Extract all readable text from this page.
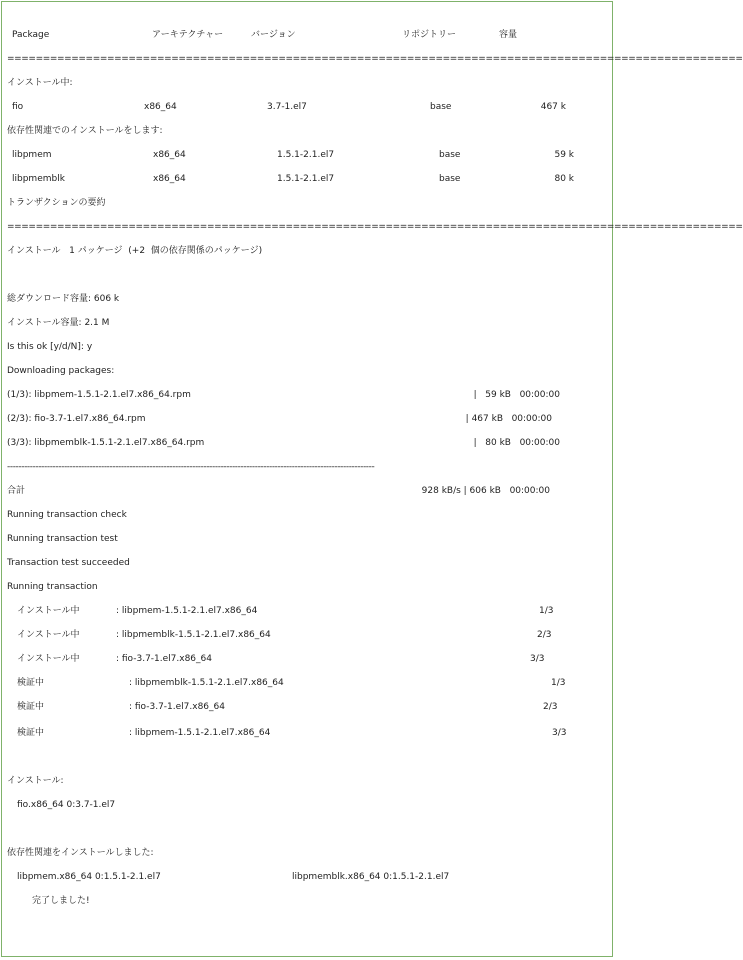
Package	アーキテクチャー	バージョン	リポジトリー	容量
=======================================================================================================
インストール中:
fio	x86_64	3.7-1.el7	base	467 k
依存性関連でのインストールをします:
libpmem	x86_64	1.5.1-2.1.el7	base	59 k
libpmemblk	x86_64	1.5.1-2.1.el7	base	80 k
トランザクションの要約
=======================================================================================================
インストール   1 パッケージ  (+2  個の依存関係のパッケージ)
総ダウンロード容量: 606 k
インストール容量: 2.1 M
Is this ok [y/d/N]: y
Downloading packages:
(1/3): libpmem-1.5.1-2.1.el7.x86_64.rpm	|   59 kB   00:00:00
(2/3): fio-3.7-1.el7.x86_64.rpm	| 467 kB   00:00:00
(3/3): libpmemblk-1.5.1-2.1.el7.x86_64.rpm	|   80 kB   00:00:00
---------------------------------------------------------------------------------------------------------------------------------
合計	928 kB/s | 606 kB   00:00:00
Running transaction check
Running transaction test
Transaction test succeeded
Running transaction
インストール中	: libpmem-1.5.1-2.1.el7.x86_64	1/3
インストール中	: libpmemblk-1.5.1-2.1.el7.x86_64	2/3
インストール中	: fio-3.7-1.el7.x86_64	3/3
検証中	: libpmemblk-1.5.1-2.1.el7.x86_64	1/3
検証中	: fio-3.7-1.el7.x86_64	2/3
検証中	: libpmem-1.5.1-2.1.el7.x86_64	3/3
インストール:
fio.x86_64 0:3.7-1.el7
依存性関連をインストールしました:
libpmem.x86_64 0:1.5.1-2.1.el7	libpmemblk.x86_64 0:1.5.1-2.1.el7
完了しました!
